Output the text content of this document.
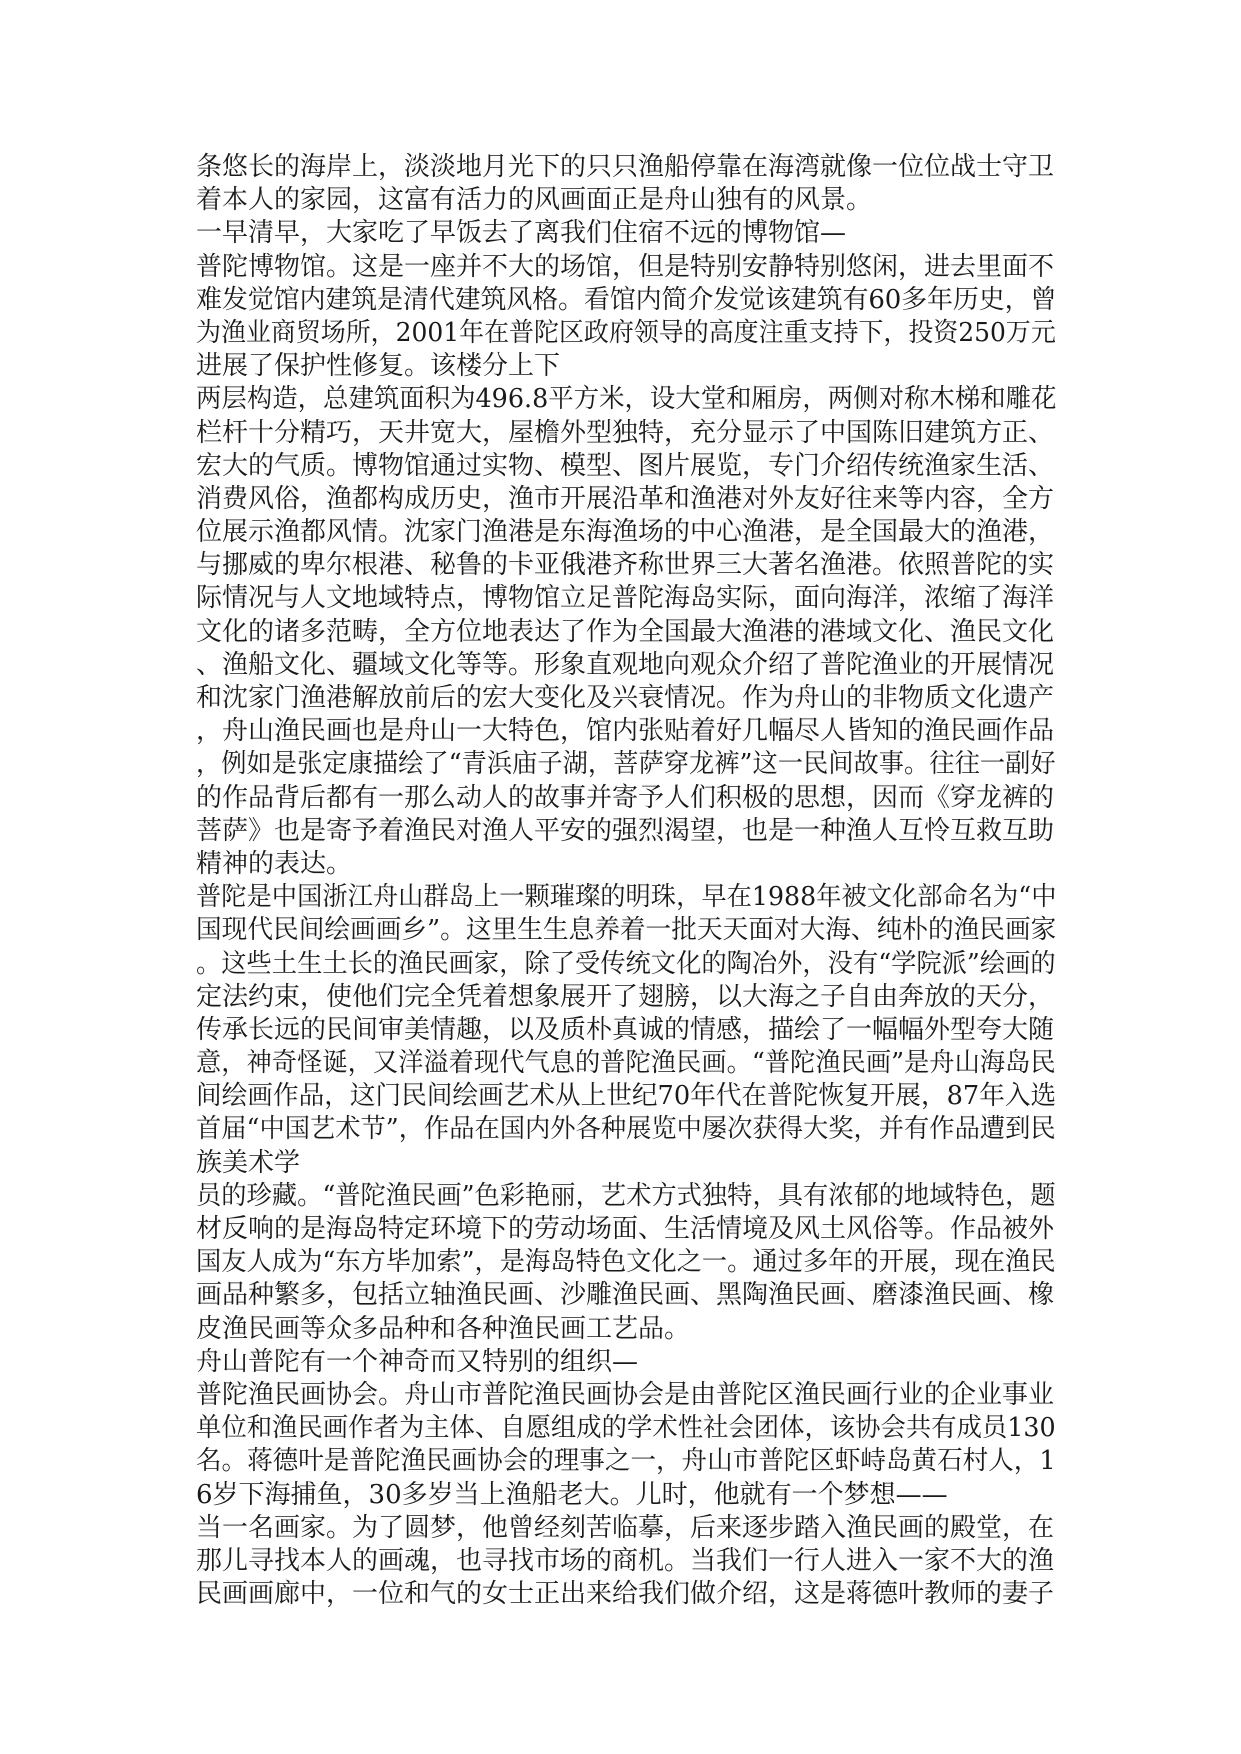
条悠长的海岸上，淡淡地月光下的只只渔船停靠在海湾就像一位位战士守卫
着本人的家园，这富有活力的风画面正是舟山独有的风景。
一早清早，大家吃了早饭去了离我们住宿不远的博物馆—
普陀博物馆。这是一座并不大的场馆，但是特别安静特别悠闲，进去里面不
难发觉馆内建筑是清代建筑风格。看馆内简介发觉该建筑有60多年历史，曾
为渔业商贸场所，2001年在普陀区政府领导的高度注重支持下，投资250万元
进展了保护性修复。该楼分上下
两层构造，总建筑面积为496.8平方米，设大堂和厢房，两侧对称木梯和雕花
栏杆十分精巧，天井宽大，屋檐外型独特，充分显示了中国陈旧建筑方正、
宏大的气质。博物馆通过实物、模型、图片展览，专门介绍传统渔家生活、
消费风俗，渔都构成历史，渔市开展沿革和渔港对外友好往来等内容，全方
位展示渔都风情。沈家门渔港是东海渔场的中心渔港，是全国最大的渔港，
与挪威的卑尔根港、秘鲁的卡亚俄港齐称世界三大著名渔港。依照普陀的实
际情况与人文地域特点，博物馆立足普陀海岛实际，面向海洋，浓缩了海洋
文化的诸多范畴，全方位地表达了作为全国最大渔港的港域文化、渔民文化
、渔船文化、疆域文化等等。形象直观地向观众介绍了普陀渔业的开展情况
和沈家门渔港解放前后的宏大变化及兴衰情况。作为舟山的非物质文化遗产
，舟山渔民画也是舟山一大特色，馆内张贴着好几幅尽人皆知的渔民画作品
，例如是张定康描绘了“青浜庙子湖，菩萨穿龙裤”这一民间故事。往往一副好
的作品背后都有一那么动人的故事并寄予人们积极的思想，因而《穿龙裤的
菩萨》也是寄予着渔民对渔人平安的强烈渴望，也是一种渔人互怜互救互助
精神的表达。
普陀是中国浙江舟山群岛上一颗璀璨的明珠，早在1988年被文化部命名为“中
国现代民间绘画画乡”。这里生生息养着一批天天面对大海、纯朴的渔民画家
。这些土生土长的渔民画家，除了受传统文化的陶冶外，没有“学院派”绘画的
定法约束，使他们完全凭着想象展开了翅膀，以大海之子自由奔放的天分，
传承长远的民间审美情趣，以及质朴真诚的情感，描绘了一幅幅外型夸大随
意，神奇怪诞，又洋溢着现代气息的普陀渔民画。“普陀渔民画”是舟山海岛民
间绘画作品，这门民间绘画艺术从上世纪70年代在普陀恢复开展，87年入选
首届“中国艺术节”，作品在国内外各种展览中屡次获得大奖，并有作品遭到民
族美术学
员的珍藏。“普陀渔民画”色彩艳丽，艺术方式独特，具有浓郁的地域特色，题
材反响的是海岛特定环境下的劳动场面、生活情境及风土风俗等。作品被外
国友人成为“东方毕加索”，是海岛特色文化之一。通过多年的开展，现在渔民
画品种繁多，包括立轴渔民画、沙雕渔民画、黑陶渔民画、磨漆渔民画、橡
皮渔民画等众多品种和各种渔民画工艺品。
舟山普陀有一个神奇而又特别的组织—
普陀渔民画协会。舟山市普陀渔民画协会是由普陀区渔民画行业的企业事业
单位和渔民画作者为主体、自愿组成的学术性社会团体，该协会共有成员130
名。蒋德叶是普陀渔民画协会的理事之一，舟山市普陀区虾峙岛黄石村人，1
6岁下海捕鱼，30多岁当上渔船老大。儿时，他就有一个梦想——
当一名画家。为了圆梦，他曾经刻苦临摹，后来逐步踏入渔民画的殿堂，在
那儿寻找本人的画魂，也寻找市场的商机。当我们一行人进入一家不大的渔
民画画廊中，一位和气的女士正出来给我们做介绍，这是蒋德叶教师的妻子
